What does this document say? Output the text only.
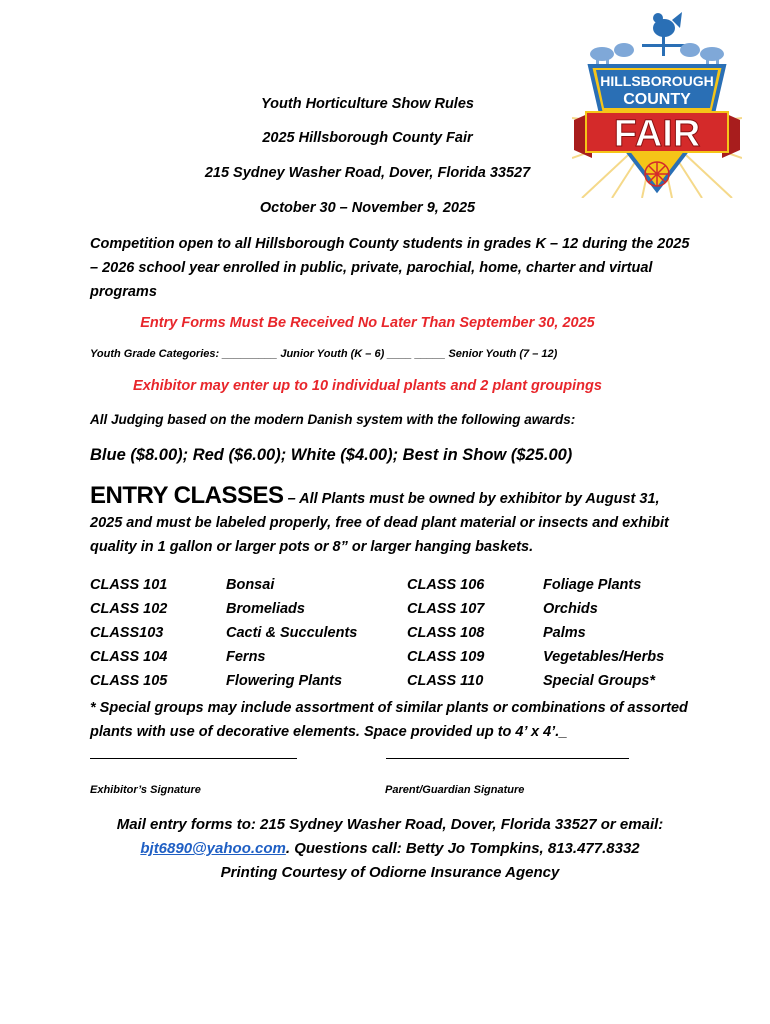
HILLSBOROUGH
COUNTY
FAIR
Youth Horticulture Show Rules
2025 Hillsborough County Fair
215 Sydney Washer Road, Dover, Florida 33527
October 30 – November 9, 2025
Competition open to all Hillsborough County students in grades K – 12 during the 2025 – 2026 school year enrolled in public, private, parochial, home, charter and virtual programs
Entry Forms Must Be Received No Later Than September 30, 2025
Youth Grade Categories: _________ Junior Youth (K – 6) ____ _____ Senior Youth (7 – 12)
Exhibitor may enter up to 10 individual plants and 2 plant groupings
All Judging based on the modern Danish system with the following awards:
Blue ($8.00); Red ($6.00); White ($4.00); Best in Show ($25.00)
ENTRY CLASSES – All Plants must be owned by exhibitor by August 31,
2025 and must be labeled properly, free of dead plant material or insects and exhibit quality in 1 gallon or larger pots or 8” or larger hanging baskets.
CLASS 101	Bonsai	CLASS 106	Foliage Plants
CLASS 102	Bromeliads	CLASS 107	Orchids
CLASS103	Cacti & Succulents	CLASS 108	Palms
CLASS 104	Ferns	CLASS 109	Vegetables/Herbs
CLASS 105	Flowering Plants	CLASS 110	Special Groups*
* Special groups may include assortment of similar plants or combinations of assorted plants with use of decorative elements. Space provided up to 4’ x 4’._
Exhibitor’s Signature	Parent/Guardian Signature
Mail entry forms to: 215 Sydney Washer Road, Dover, Florida 33527 or email:
bjt6890@yahoo.com. Questions call: Betty Jo Tompkins, 813.477.8332
Printing Courtesy of Odiorne Insurance Agency
